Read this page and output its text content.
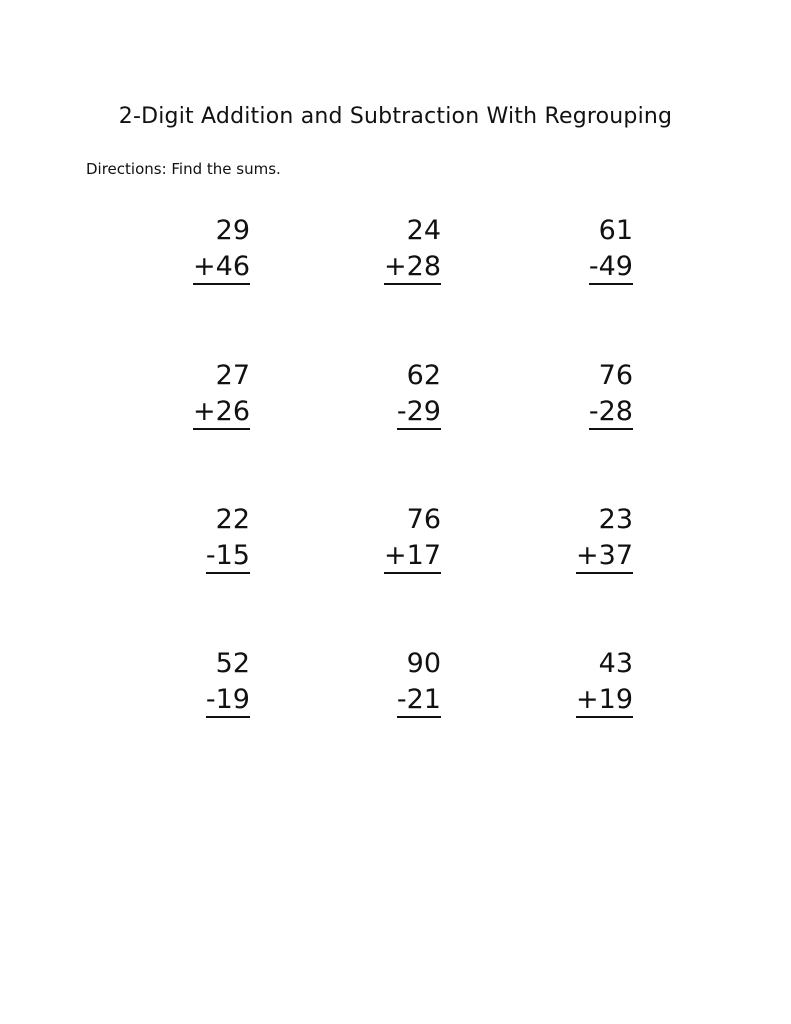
2-Digit Addition and Subtraction With Regrouping

Directions: Find the sums.

29
+46
24
+28
61
-49
27
+26
62
-29
76
-28
22
-15
76
+17
23
+37
52
-19
90
-21
43
+19
